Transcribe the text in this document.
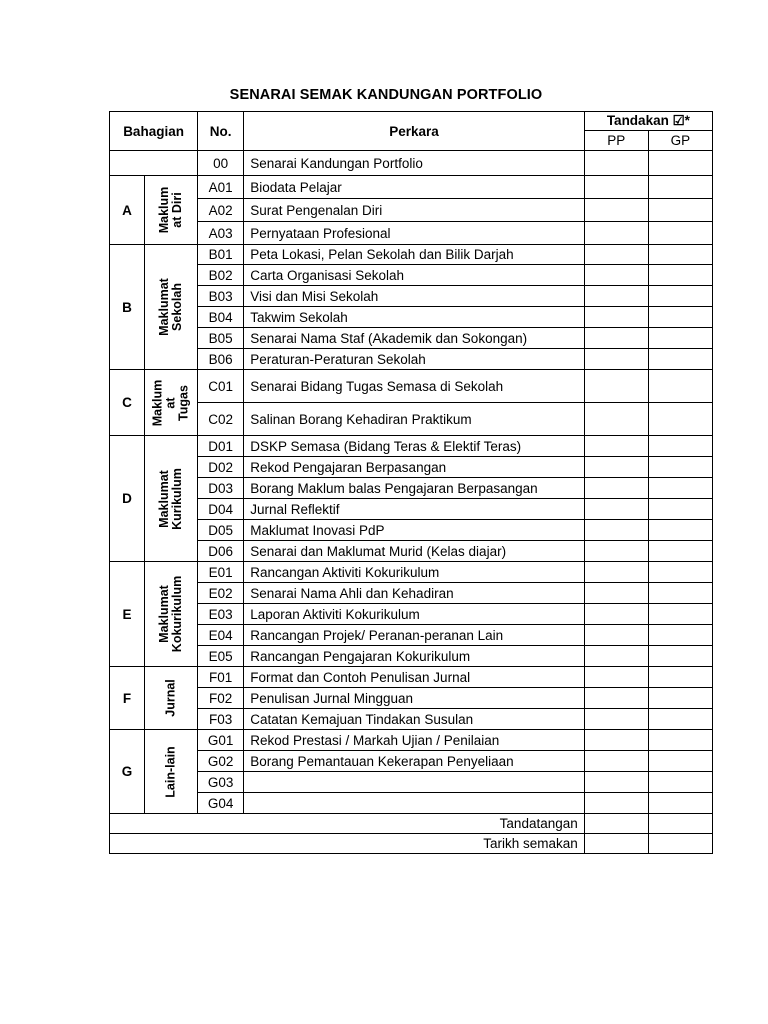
SENARAI SEMAK KANDUNGAN PORTFOLIO
Bahagian		No.	Perkara	Tandakan ☑*	
				PP	GP
		00	Senarai Kandungan Portfolio		
A	Maklum at Diri	A01	Biodata Pelajar		
		A02	Surat Pengenalan Diri		
		A03	Pernyataan Profesional		
B	Maklumat Sekolah	B01	Peta Lokasi, Pelan Sekolah dan Bilik Darjah		
		B02	Carta Organisasi Sekolah		
		B03	Visi dan Misi Sekolah		
		B04	Takwim Sekolah		
		B05	Senarai Nama Staf (Akademik dan Sokongan)		
		B06	Peraturan-Peraturan Sekolah		
C	Maklum at Tugas	C01	Senarai Bidang Tugas Semasa di Sekolah		
		C02	Salinan Borang Kehadiran Praktikum		
D	Maklumat Kurikulum	D01	DSKP Semasa (Bidang Teras & Elektif Teras)		
		D02	Rekod Pengajaran Berpasangan		
		D03	Borang Maklum balas Pengajaran Berpasangan		
		D04	Jurnal Reflektif		
		D05	Maklumat Inovasi PdP		
		D06	Senarai dan Maklumat Murid (Kelas diajar)		
E	Maklumat Kokurikulum	E01	Rancangan Aktiviti Kokurikulum		
		E02	Senarai Nama Ahli dan Kehadiran		
		E03	Laporan Aktiviti Kokurikulum		
		E04	Rancangan Projek/ Peranan-peranan Lain		
		E05	Rancangan Pengajaran Kokurikulum		
F	Jurnal	F01	Format dan Contoh Penulisan Jurnal		
		F02	Penulisan Jurnal Mingguan		
		F03	Catatan Kemajuan Tindakan Susulan		
G	Lain-lain	G01	Rekod Prestasi / Markah Ujian / Penilaian		
		G02	Borang Pemantauan Kekerapan Penyeliaan		
		G03			
		G04			
Tandatangan					
Tarikh semakan					
